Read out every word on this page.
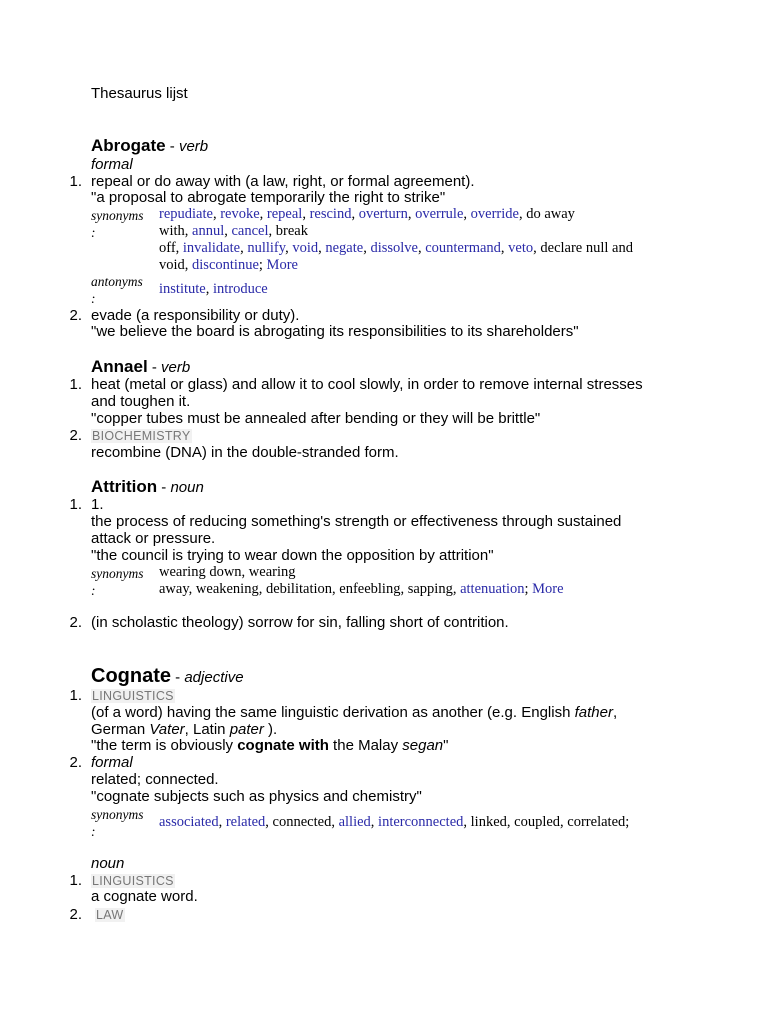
Thesaurus lijst
Abrogate - verb
formal
1. repeal or do away with (a law, right, or formal agreement).
"a proposal to abrogate temporarily the right to strike"
synonyms
:
repudiate, revoke, repeal, rescind, overturn, overrule, override, do away
with, annul, cancel, break
off, invalidate, nullify, void, negate, dissolve, countermand, veto, declare null and
void, discontinue; More
antonyms
:
institute, introduce
2. evade (a responsibility or duty).
"we believe the board is abrogating its responsibilities to its shareholders"
Annael - verb
1. heat (metal or glass) and allow it to cool slowly, in order to remove internal stresses
and toughen it.
"copper tubes must be annealed after bending or they will be brittle"
2. BIOCHEMISTRY
recombine (DNA) in the double-stranded form.
Attrition - noun
1. 1.
the process of reducing something's strength or effectiveness through sustained
attack or pressure.
"the council is trying to wear down the opposition by attrition"
synonyms
:
wearing down, wearing
away, weakening, debilitation, enfeebling, sapping, attenuation; More
2. (in scholastic theology) sorrow for sin, falling short of contrition.
Cognate - adjective
1. LINGUISTICS
(of a word) having the same linguistic derivation as another (e.g. English father,
German Vater, Latin pater ).
"the term is obviously cognate with the Malay segan"
2. formal
related; connected.
"cognate subjects such as physics and chemistry"
synonyms
:
associated, related, connected, allied, interconnected, linked, coupled, correlated;
noun
1. LINGUISTICS
a cognate word.
2. LAW
